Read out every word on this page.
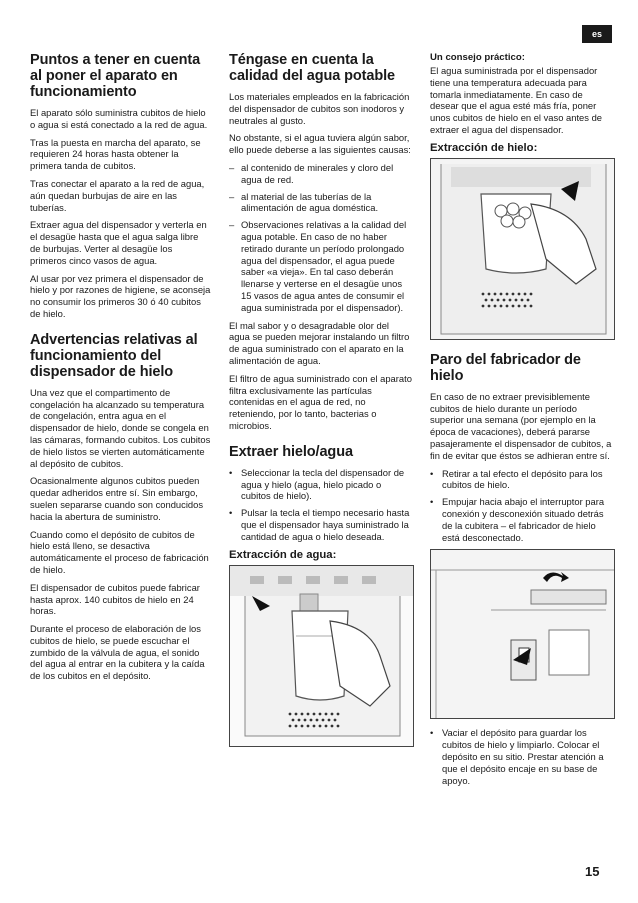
es
Puntos a tener en cuenta al poner el aparato en funcionamiento

El aparato sólo suministra cubitos de hielo o agua si está conectado a la red de agua.

Tras la puesta en marcha del aparato, se requieren 24 horas hasta obtener la primera tanda de cubitos.

Tras conectar el aparato a la red de agua, aún quedan burbujas de aire en las tuberías.

Extraer agua del dispensador y verterla en el desagüe hasta que el agua salga libre de burbujas. Verter al desagüe los primeros cinco vasos de agua.

Al usar por vez primera el dispensador de hielo y por razones de higiene, se aconseja no consumir los primeros 30 ó 40 cubitos de hielo.

Advertencias relativas al funcionamiento del dispensador de hielo

Una vez que el compartimento de congelación ha alcanzado su temperatura de congelación, entra agua en el dispensador de hielo, donde se congela en las cámaras, formando cubitos. Los cubitos de hielo listos se vierten automáticamente al depósito de cubitos.

Ocasionalmente algunos cubitos pueden quedar adheridos entre sí. Sin embargo, suelen separarse cuando son conducidos hacia la abertura de suministro.

Cuando como el depósito de cubitos de hielo está lleno, se desactiva automáticamente el proceso de fabricación de hielo.

El dispensador de cubitos puede fabricar hasta aprox. 140 cubitos de hielo en 24 horas.

Durante el proceso de elaboración de los cubitos de hielo, se puede escuchar el zumbido de la válvula de agua, el sonido del agua al entrar en la cubitera y la caída de los cubitos en el depósito.

Téngase en cuenta la calidad del agua potable

Los materiales empleados en la fabricación del dispensador de cubitos son inodoros y neutrales al gusto.

No obstante, si el agua tuviera algún sabor, ello puede deberse a las siguientes causas:

– al contenido de minerales y cloro del agua de red.
– al material de las tuberías de la alimentación de agua doméstica.
– Observaciones relativas a la calidad del agua potable. En caso de no haber retirado durante un período prolongado agua del dispensador, el agua puede saber «a vieja». En tal caso deberán llenarse y verterse en el desagüe unos 15 vasos de agua antes de consumir el agua suministrada por el dispensador).

El mal sabor y o desagradable olor del agua se pueden mejorar instalando un filtro de agua suministrado con el aparato en la alimentación de agua.

El filtro de agua suministrado con el aparato filtra exclusivamente las partículas contenidas en el agua de red, no reteniendo, por lo tanto, bacterias o microbios.

Extraer hielo/agua
• Seleccionar la tecla del dispensador de agua y hielo (agua, hielo picado o cubitos de hielo).
• Pulsar la tecla el tiempo necesario hasta que el dispensador haya suministrado la cantidad de agua o hielo deseada.
Extracción de agua:
Un consejo práctico:

El agua suministrada por el dispensador tiene una temperatura adecuada para tomarla inmediatamente. En caso de desear que el agua esté más fría, poner unos cubitos de hielo en el vaso antes de extraer el agua del dispensador.

Extracción de hielo:
Paro del fabricador de hielo

En caso de no extraer previsiblemente cubitos de hielo durante un período superior una semana (por ejemplo en la época de vacaciones), deberá pararse pasajeramente el dispensador de cubitos, a fin de evitar que éstos se adhieran entre sí.

• Retirar a tal efecto el depósito para los cubitos de hielo.
• Empujar hacia abajo el interruptor para conexión y desconexión situado detrás de la cubitera – el fabricador de hielo está desconectado.
• Vaciar el depósito para guardar los cubitos de hielo y limpiarlo. Colocar el depósito en su sitio. Prestar atención a que el depósito encaje en su base de apoyo.
15
